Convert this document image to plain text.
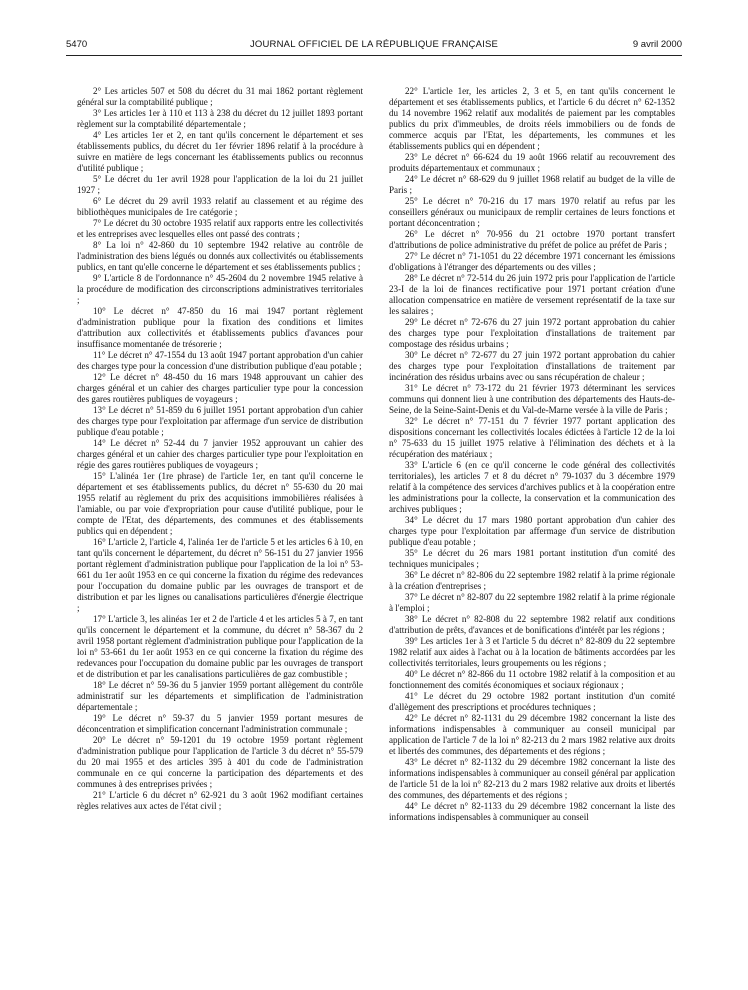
5470	JOURNAL OFFICIEL DE LA RÉPUBLIQUE FRANÇAISE	9 avril 2000

2° Les articles 507 et 508 du décret du 31 mai 1862 portant règlement général sur la comptabilité publique ;

3° Les articles 1er à 110 et 113 à 238 du décret du 12 juillet 1893 portant règlement sur la comptabilité départementale ;

4° Les articles 1er et 2, en tant qu'ils concernent le département et ses établissements publics, du décret du 1er février 1896 relatif à la procédure à suivre en matière de legs concernant les établissements publics ou reconnus d'utilité publique ;

5° Le décret du 1er avril 1928 pour l'application de la loi du 21 juillet 1927 ;

6° Le décret du 29 avril 1933 relatif au classement et au régime des bibliothèques municipales de 1re catégorie ;

7° Le décret du 30 octobre 1935 relatif aux rapports entre les collectivités et les entreprises avec lesquelles elles ont passé des contrats ;

8° La loi n° 42-860 du 10 septembre 1942 relative au contrôle de l'administration des biens légués ou donnés aux collectivités ou établissements publics, en tant qu'elle concerne le département et ses établissements publics ;

9° L'article 8 de l'ordonnance n° 45-2604 du 2 novembre 1945 relative à la procédure de modification des circonscriptions administratives territoriales ;

10° Le décret n° 47-850 du 16 mai 1947 portant règlement d'administration publique pour la fixation des conditions et limites d'attribution aux collectivités et établissements publics d'avances pour insuffisance momentanée de trésorerie ;

11° Le décret n° 47-1554 du 13 août 1947 portant approbation d'un cahier des charges type pour la concession d'une distribution publique d'eau potable ;

12° Le décret n° 48-450 du 16 mars 1948 approuvant un cahier des charges général et un cahier des charges particulier type pour la concession des gares routières publiques de voyageurs ;

13° Le décret n° 51-859 du 6 juillet 1951 portant approbation d'un cahier des charges type pour l'exploitation par affermage d'un service de distribution publique d'eau potable ;

14° Le décret n° 52-44 du 7 janvier 1952 approuvant un cahier des charges général et un cahier des charges particulier type pour l'exploitation en régie des gares routières publiques de voyageurs ;

15° L'alinéa 1er (1re phrase) de l'article 1er, en tant qu'il concerne le département et ses établissements publics, du décret n° 55-630 du 20 mai 1955 relatif au règlement du prix des acquisitions immobilières réalisées à l'amiable, ou par voie d'expropriation pour cause d'utilité publique, pour le compte de l'Etat, des départements, des communes et des établissements publics qui en dépendent ;

16° L'article 2, l'article 4, l'alinéa 1er de l'article 5 et les articles 6 à 10, en tant qu'ils concernent le département, du décret n° 56-151 du 27 janvier 1956 portant règlement d'administration publique pour l'application de la loi n° 53-661 du 1er août 1953 en ce qui concerne la fixation du régime des redevances pour l'occupation du domaine public par les ouvrages de transport et de distribution et par les lignes ou canalisations particulières d'énergie électrique ;

17° L'article 3, les alinéas 1er et 2 de l'article 4 et les articles 5 à 7, en tant qu'ils concernent le département et la commune, du décret n° 58-367 du 2 avril 1958 portant règlement d'administration publique pour l'application de la loi n° 53-661 du 1er août 1953 en ce qui concerne la fixation du régime des redevances pour l'occupation du domaine public par les ouvrages de transport et de distribution et par les canalisations particulières de gaz combustible ;

18° Le décret n° 59-36 du 5 janvier 1959 portant allègement du contrôle administratif sur les départements et simplification de l'administration départementale ;

19° Le décret n° 59-37 du 5 janvier 1959 portant mesures de déconcentration et simplification concernant l'administration communale ;

20° Le décret n° 59-1201 du 19 octobre 1959 portant règlement d'administration publique pour l'application de l'article 3 du décret n° 55-579 du 20 mai 1955 et des articles 395 à 401 du code de l'administration communale en ce qui concerne la participation des départements et des communes à des entreprises privées ;

21° L'article 6 du décret n° 62-921 du 3 août 1962 modifiant certaines règles relatives aux actes de l'état civil ;

22° L'article 1er, les articles 2, 3 et 5, en tant qu'ils concernent le département et ses établissements publics, et l'article 6 du décret n° 62-1352 du 14 novembre 1962 relatif aux modalités de paiement par les comptables publics du prix d'immeubles, de droits réels immobiliers ou de fonds de commerce acquis par l'Etat, les départements, les communes et les établissements publics qui en dépendent ;

23° Le décret n° 66-624 du 19 août 1966 relatif au recouvrement des produits départementaux et communaux ;

24° Le décret n° 68-629 du 9 juillet 1968 relatif au budget de la ville de Paris ;

25° Le décret n° 70-216 du 17 mars 1970 relatif au refus par les conseillers généraux ou municipaux de remplir certaines de leurs fonctions et portant déconcentration ;

26° Le décret n° 70-956 du 21 octobre 1970 portant transfert d'attributions de police administrative du préfet de police au préfet de Paris ;

27° Le décret n° 71-1051 du 22 décembre 1971 concernant les émissions d'obligations à l'étranger des départements ou des villes ;

28° Le décret n° 72-514 du 26 juin 1972 pris pour l'application de l'article 23-I de la loi de finances rectificative pour 1971 portant création d'une allocation compensatrice en matière de versement représentatif de la taxe sur les salaires ;

29° Le décret n° 72-676 du 27 juin 1972 portant approbation du cahier des charges type pour l'exploitation d'installations de traitement par compostage des résidus urbains ;

30° Le décret n° 72-677 du 27 juin 1972 portant approbation du cahier des charges type pour l'exploitation d'installations de traitement par incinération des résidus urbains avec ou sans récupération de chaleur ;

31° Le décret n° 73-172 du 21 février 1973 déterminant les services communs qui donnent lieu à une contribution des départements des Hauts-de-Seine, de la Seine-Saint-Denis et du Val-de-Marne versée à la ville de Paris ;

32° Le décret n° 77-151 du 7 février 1977 portant application des dispositions concernant les collectivités locales édictées à l'article 12 de la loi n° 75-633 du 15 juillet 1975 relative à l'élimination des déchets et à la récupération des matériaux ;

33° L'article 6 (en ce qu'il concerne le code général des collectivités territoriales), les articles 7 et 8 du décret n° 79-1037 du 3 décembre 1979 relatif à la compétence des services d'archives publics et à la coopération entre les administrations pour la collecte, la conservation et la communication des archives publiques ;

34° Le décret du 17 mars 1980 portant approbation d'un cahier des charges type pour l'exploitation par affermage d'un service de distribution publique d'eau potable ;

35° Le décret du 26 mars 1981 portant institution d'un comité des techniques municipales ;

36° Le décret n° 82-806 du 22 septembre 1982 relatif à la prime régionale à la création d'entreprises ;

37° Le décret n° 82-807 du 22 septembre 1982 relatif à la prime régionale à l'emploi ;

38° Le décret n° 82-808 du 22 septembre 1982 relatif aux conditions d'attribution de prêts, d'avances et de bonifications d'intérêt par les régions ;

39° Les articles 1er à 3 et l'article 5 du décret n° 82-809 du 22 septembre 1982 relatif aux aides à l'achat ou à la location de bâtiments accordées par les collectivités territoriales, leurs groupements ou les régions ;

40° Le décret n° 82-866 du 11 octobre 1982 relatif à la composition et au fonctionnement des comités économiques et sociaux régionaux ;

41° Le décret du 29 octobre 1982 portant institution d'un comité d'allègement des prescriptions et procédures techniques ;

42° Le décret n° 82-1131 du 29 décembre 1982 concernant la liste des informations indispensables à communiquer au conseil municipal par application de l'article 7 de la loi n° 82-213 du 2 mars 1982 relative aux droits et libertés des communes, des départements et des régions ;

43° Le décret n° 82-1132 du 29 décembre 1982 concernant la liste des informations indispensables à communiquer au conseil général par application de l'article 51 de la loi n° 82-213 du 2 mars 1982 relative aux droits et libertés des communes, des départements et des régions ;

44° Le décret n° 82-1133 du 29 décembre 1982 concernant la liste des informations indispensables à communiquer au conseil
